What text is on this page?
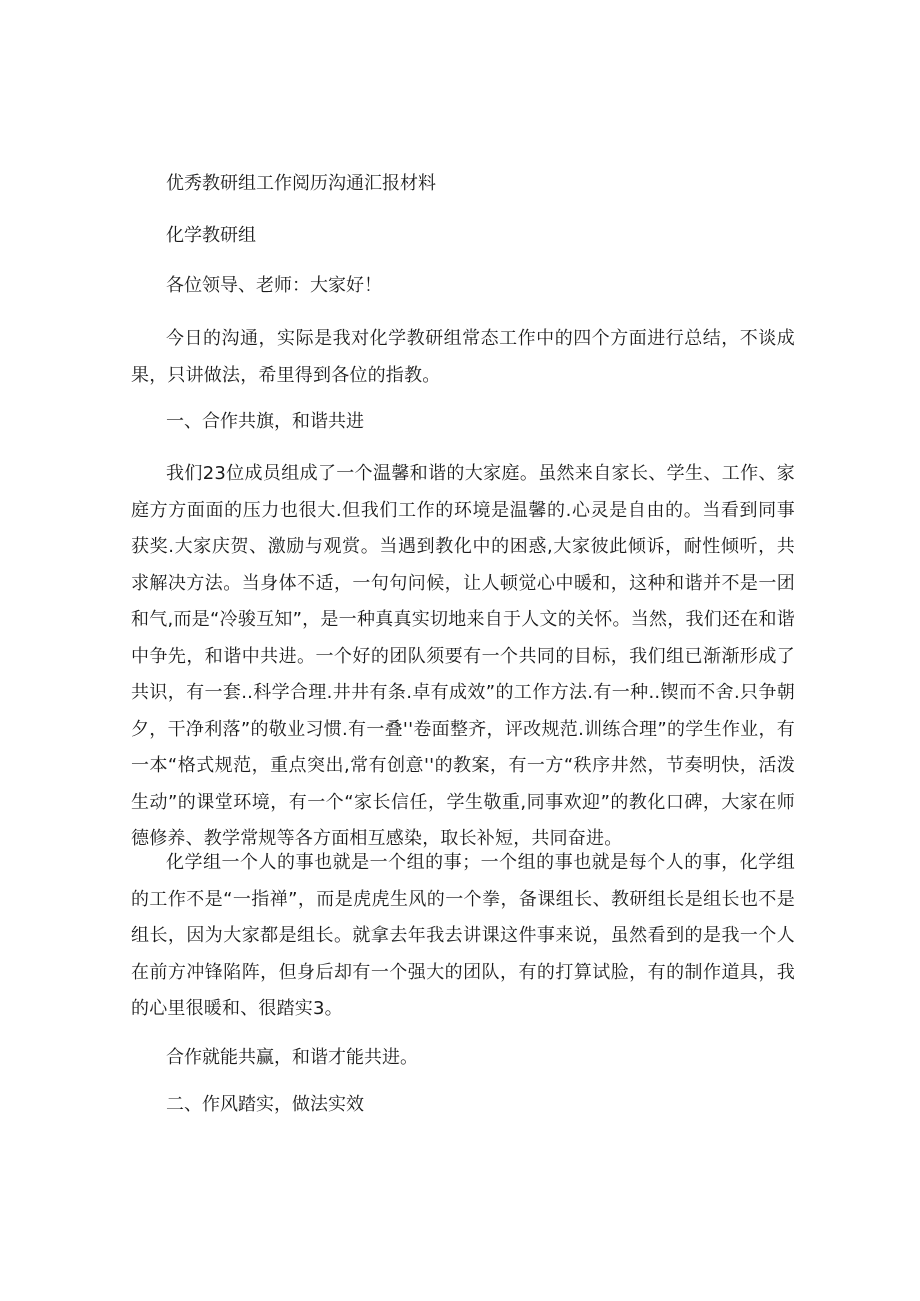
优秀教研组工作阅历沟通汇报材料
化学教研组
各位领导、老师：大家好！
今日的沟通，实际是我对化学教研组常态工作中的四个方面进行总结，不谈成果，只讲做法，希里得到各位的指教。
一、合作共旗，和谐共进
我们23位成员组成了一个温馨和谐的大家庭。虽然来自家长、学生、工作、家庭方方面面的压力也很大.但我们工作的环境是温馨的.心灵是自由的。当看到同事获奖.大家庆贺、激励与观赏。当遇到教化中的困惑,大家彼此倾诉，耐性倾听，共求解决方法。当身体不适，一句句问候，让人顿觉心中暖和，这种和谐并不是一团和气,而是“冷骏互知”，是一种真真实切地来自于人文的关怀。当然，我们还在和谐中争先，和谐中共进。一个好的团队须要有一个共同的目标，我们组已渐渐形成了共识，有一套..科学合理.井井有条.卓有成效”的工作方法.有一种..锲而不舍.只争朝夕，干净利落”的敬业习惯.有一叠''卷面整齐，评改规范.训练合理”的学生作业，有一本“格式规范，重点突出,常有创意''的教案，有一方“秩序井然，节奏明快，活泼生动”的课堂环境，有一个“家长信任，学生敬重,同事欢迎”的教化口碑，大家在师德修养、教学常规等各方面相互感染，取长补短，共同奋进。
化学组一个人的事也就是一个组的事；一个组的事也就是每个人的事，化学组的工作不是“一指禅”，而是虎虎生风的一个拳，备课组长、教研组长是组长也不是组长，因为大家都是组长。就拿去年我去讲课这件事来说，虽然看到的是我一个人在前方冲锋陷阵，但身后却有一个强大的团队，有的打算试脸，有的制作道具，我的心里很暖和、很踏实3。
合作就能共赢，和谐才能共进。
二、作风踏实，做法实效
